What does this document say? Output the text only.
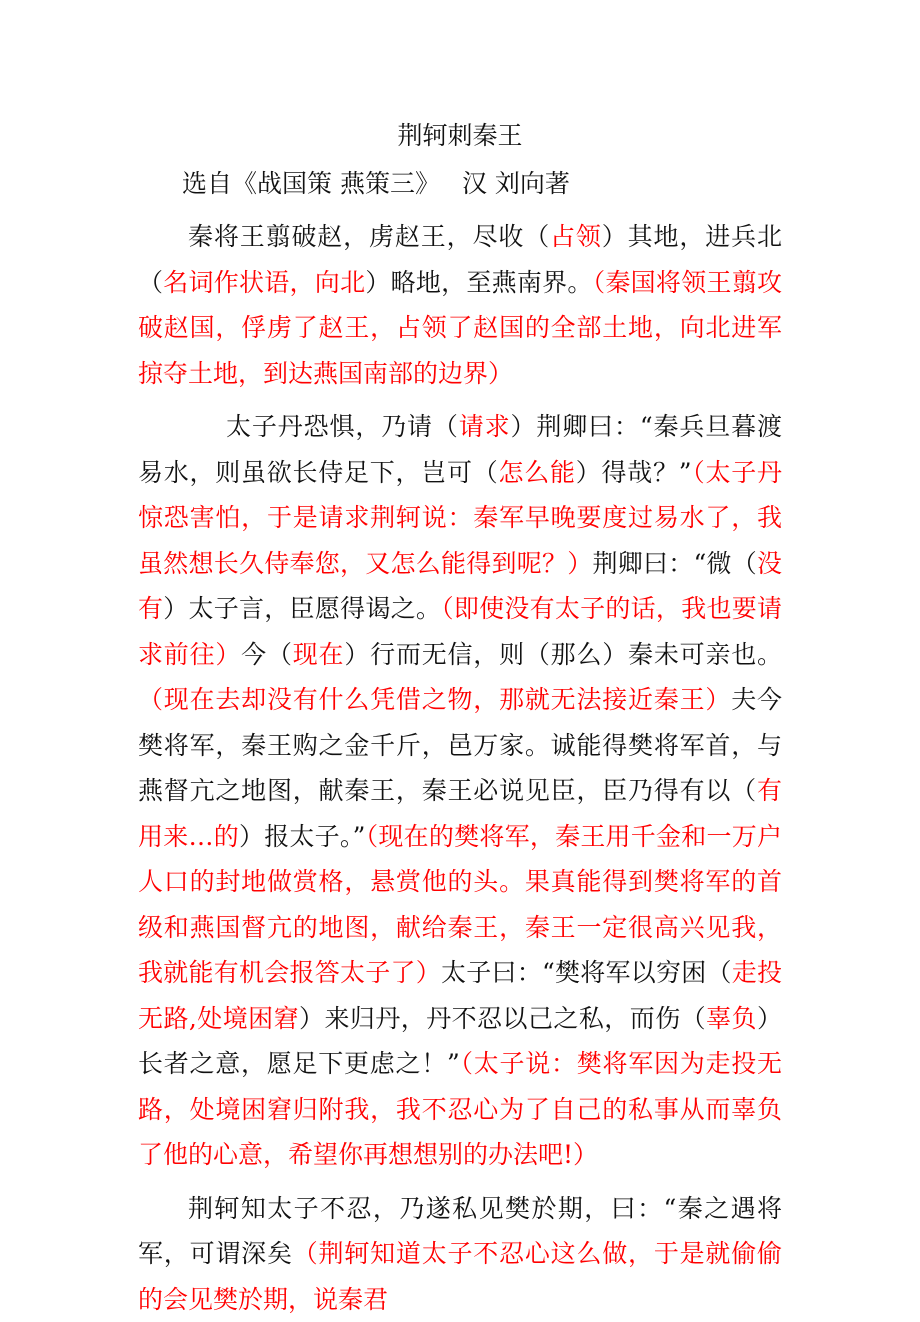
荆轲刺秦王
选自《战国策 燕策三》 汉 刘向著

秦将王翦破赵，虏赵王，尽收（占领）其地，进兵北（名词作状语，向北）略地，至燕南界。（秦国将领王翦攻破赵国，俘虏了赵王，占领了赵国的全部土地，向北进军掠夺土地，到达燕国南部的边界）

太子丹恐惧，乃请（请求）荆卿曰：“秦兵旦暮渡易水，则虽欲长侍足下，岂可（怎么能）得哉？”（太子丹惊恐害怕，于是请求荆轲说：秦军早晚要度过易水了，我虽然想长久侍奉您，又怎么能得到呢？）荆卿曰：“微（没有）太子言，臣愿得谒之。（即使没有太子的话，我也要请求前往）今（现在）行而无信，则（那么）秦未可亲也。（现在去却没有什么凭借之物，那就无法接近秦王）夫今樊将军，秦王购之金千斤，邑万家。诚能得樊将军首，与燕督亢之地图，献秦王，秦王必说见臣，臣乃得有以（有用来…的）报太子。”（现在的樊将军，秦王用千金和一万户人口的封地做赏格，悬赏他的头。果真能得到樊将军的首级和燕国督亢的地图，献给秦王，秦王一定很高兴见我，我就能有机会报答太子了）太子曰：“樊将军以穷困（走投无路,处境困窘）来归丹，丹不忍以己之私，而伤（辜负）长者之意，愿足下更虑之！”（太子说：樊将军因为走投无路，处境困窘归附我，我不忍心为了自己的私事从而辜负了他的心意，希望你再想想别的办法吧!）

荆轲知太子不忍，乃遂私见樊於期，曰：“秦之遇将军，可谓深矣（荆轲知道太子不忍心这么做，于是就偷偷的会见樊於期，说秦君
